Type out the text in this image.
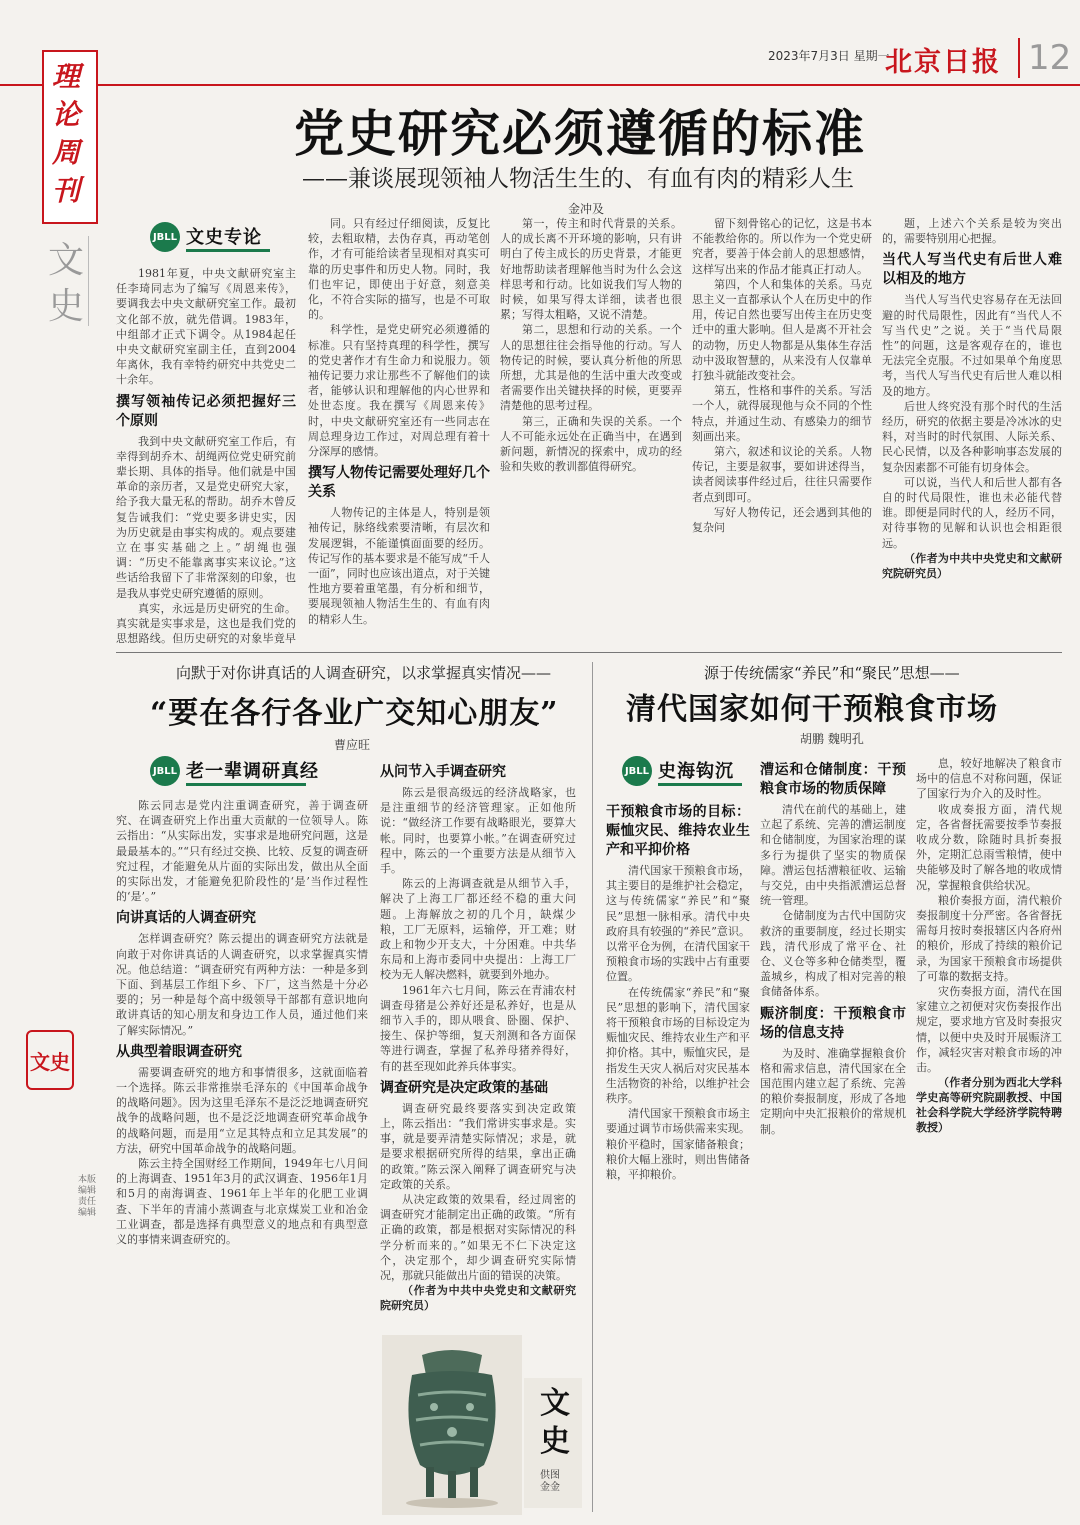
2023年7月3日 星期一
北京日报 12
理论周刊
文史
党史研究必须遵循的标准
——兼谈展现领袖人物活生生的、有血有肉的精彩人生
金冲及
JBLL 文史专论

1981年夏，中央文献研究室主任李琦同志为了编写《周恩来传》，要调我去中央文献研究室工作。最初文化部不放，就先借调。1983年，中组部才正式下调令。从1984起任中央文献研究室副主任，直到2004年离休，我有幸特约研究中共党史二十余年。

撰写领袖传记必须把握好三个原则

我到中央文献研究室工作后，有幸得到胡乔木、胡绳两位党史研究前辈长期、具体的指导。他们就是中国革命的亲历者，又是党史研究大家，给予我大量无私的帮助。胡乔木曾反复告诫我们：“党史要多讲史实，因为历史就是由事实构成的。观点要建立在事实基础之上。”胡绳也强调：“历史不能靠离事实来议论。”这些话给我留下了非常深刻的印象，也是我从事党史研究遵循的原则。

真实，永远是历史研究的生命。真实就是实事求是，这也是我们党的思想路线。但历史研究的对象毕竟早

同。只有经过仔细阅读，反复比较，去粗取精，去伪存真，再动笔创作，才有可能给读者呈现相对真实可靠的历史事件和历史人物。同时，我们也牢记，即使出于好意，刻意美化，不符合实际的描写，也是不可取的。

科学性，是党史研究必须遵循的标准。只有坚持真理的科学性，撰写的党史著作才有生命力和说服力。领袖传记要力求让那些不了解他们的读者，能够认识和理解他的内心世界和处世态度。我在撰写《周恩来传》时，中央文献研究室还有一些同志在周总理身边工作过，对周总理有着十分深厚的感情。

撰写人物传记需要处理好几个关系

人物传记的主体是人，特别是领袖传记，脉络线索要清晰，有层次和发展逻辑，不能谨慎面面要的经历。传记写作的基本要求是不能写成“千人一面”，同时也应该出道点，对于关键性地方要着重笔墨，有分析和细节，要展现领袖人物活生生的、有血有肉的精彩人生。

第一，传主和时代背景的关系。人的成长离不开环境的影响，只有讲明白了传主成长的历史背景，才能更好地帮助读者理解他当时为什么会这样思考和行动。比如说我们写人物的时候，如果写得太详细，读者也很累；写得太粗略，又说不清楚。

第二，思想和行动的关系。一个人的思想往往会指导他的行动。写人物传记的时候，要认真分析他的所思所想，尤其是他的生活中重大改变或者需要作出关键抉择的时候，更要弄清楚他的思考过程。

第三，正确和失误的关系。一个人不可能永远处在正确当中，在遇到新问题，新情况的探索中，成功的经验和失败的教训都值得研究。

留下刻骨铭心的记忆，这是书本不能教给你的。所以作为一个党史研究者，要善于体会前人的思想感情，这样写出来的作品才能真正打动人。

第四，个人和集体的关系。马克思主义一直都承认个人在历史中的作用，传记自然也要写出传主在历史变迁中的重大影响。但人是离不开社会的动物，历史人物都是从集体生存活动中汲取智慧的，从来没有人仅靠单打独斗就能改变社会。

第五，性格和事件的关系。写活一个人，就得展现他与众不同的个性特点，并通过生动、有感染力的细节刻画出来。

第六，叙述和议论的关系。人物传记，主要是叙事，要如讲述得当，读者阅读事件经过后，往往只需要作者点到即可。

写好人物传记，还会遇到其他的复杂问

题，上述六个关系是较为突出的，需要特别用心把握。

当代人写当代史有后世人难以相及的地方

当代人写当代史容易存在无法回避的时代局限性，因此有“当代人不写当代史”之说。关于“当代局限性”的问题，这是客观存在的，谁也无法完全克服。不过如果单个角度思考，当代人写当代史有后世人难以相及的地方。

后世人终究没有那个时代的生活经历，研究的依据主要是冷冰冰的史料，对当时的时代氛围、人际关系、民心民情，以及各种影响事态发展的复杂因素都不可能有切身体会。

可以说，当代人和后世人都有各自的时代局限性，谁也未必能代替谁。即便是同时代的人，经历不同，对待事物的见解和认识也会相距很远。

（作者为中共中央党史和文献研究院研究员）

向默于对你讲真话的人调查研究，以求掌握真实情况——
“要在各行各业广交知心朋友”
曹应旺
JBLL 老一辈调研真经

陈云同志是党内注重调查研究，善于调查研究、在调查研究上作出重大贡献的一位领导人。陈云指出：“从实际出发，实事求是地研究问题，这是最最基本的。”“只有经过交换、比较、反复的调查研究过程，才能避免从片面的实际出发，做出从全面的实际出发，才能避免犯阶段性的‘是’当作过程性的‘是’。”

向讲真话的人调查研究

怎样调查研究？陈云提出的调查研究方法就是向敢于对你讲真话的人调查研究，以求掌握真实情况。他总结道：“调查研究有两种方法：一种是多到下面、到基层工作组下乡、下厂，这当然是十分必要的；另一种是每个高中级领导干部都有意识地向敢讲真话的知心朋友和身边工作人员，通过他们来了解实际情况。”

从典型着眼调查研究

需要调查研究的地方和事情很多，这就面临着一个选择。陈云非常推崇毛泽东的《中国革命战争的战略问题》。因为这里毛泽东不是泛泛地调查研究战争的战略问题，也不是泛泛地调查研究革命战争的战略问题，而是用“立足其特点和立足其发展”的方法，研究中国革命战争的战略问题。

陈云主持全国财经工作期间，1949年七八月间的上海调查、1951年3月的武汉调查、1956年1月和5月的南海调查、1961年上半年的化肥工业调查、下半年的青浦小蒸调查与北京煤炭工业和冶金工业调查，都是选择有典型意义的地点和有典型意义的事情来调查研究的。

从问节入手调查研究

陈云是很高级远的经济战略家，也是注重细节的经济管理家。正如他所说：“做经济工作要有战略眼光，要算大帐。同时，也要算小帐。”在调查研究过程中，陈云的一个重要方法是从细节入手。

陈云的上海调查就是从细节入手，解决了上海工厂都还经不稳的重大问题。上海解放之初的几个月，缺煤少粮，工厂无原料，运输停，开工难；财政上和物少开支大，十分困难。中共华东局和上海市委同中央提出：上海工厂校为无人解决燃料，就要到外地办。

1961年六七月间，陈云在青浦农村调查母猪是公养好还是私养好，也是从细节入手的，即从喂食、卧圈、保护、接生、保护等细，复天剂测和各方面保等进行调查，掌握了私养母猪养得好，有的甚至现如此养兵体事实。

调查研究是决定政策的基础

调查研究最终要落实到决定政策上，陈云指出：“我们常讲实事求是。实事，就是要弄清楚实际情况；求是，就是要求根据研究所得的结果，拿出正确的政策。”陈云深入阐释了调查研究与决定政策的关系。

从决定政策的效果看，经过周密的调查研究才能制定出正确的政策。“所有正确的政策，都是根据对实际情况的科学分析而来的。”如果无不仁下决定这个，决定那个，却少调查研究实际情况，那就只能做出片面的错误的决策。

（作者为中共中央党史和文献研究院研究员）

文史
本版编辑 责任编辑
文史
供图 金金
源于传统儒家“养民”和“聚民”思想——
清代国家如何干预粮食市场
胡鹏 魏明孔
JBLL 史海钩沉

干预粮食市场的目标：赈恤灾民、维持农业生产和平抑价格

清代国家干预粮食市场，其主要目的是维护社会稳定，这与传统儒家“养民”和“聚民”思想一脉相承。清代中央政府具有较强的“养民”意识。以常平仓为例，在清代国家干预粮食市场的实践中占有重要位置。

在传统儒家“养民”和“聚民”思想的影响下，清代国家将干预粮食市场的目标设定为赈恤灾民、维持农业生产和平抑价格。其中，赈恤灾民，是指发生天灾人祸后对灾民基本生活物资的补给，以维护社会秩序。

清代国家干预粮食市场主要通过调节市场供需来实现。粮价平稳时，国家储备粮食；粮价大幅上涨时，则出售储备粮，平抑粮价。

漕运和仓储制度：干预粮食市场的物质保障

清代在前代的基础上，建立起了系统、完善的漕运制度和仓储制度，为国家治理的谋多行为提供了坚实的物质保障。漕运包括漕粮征收、运输与交兑，由中央指派漕运总督统一管理。

仓储制度为古代中国防灾救济的重要制度，经过长期实践，清代形成了常平仓、社仓、义仓等多种仓储类型，覆盖城乡，构成了相对完善的粮食储备体系。

赈济制度：干预粮食市场的信息支持

为及时、准确掌握粮食价格和需求信息，清代国家在全国范围内建立起了系统、完善的粮价奏报制度，形成了各地定期向中央汇报粮价的常规机制。

息，较好地解决了粮食市场中的信息不对称问题，保证了国家行为介入的及时性。

收成奏报方面，清代规定，各省督抚需要按季节奏报收成分数，除随时具折奏报外，定期汇总雨雪粮情，使中央能够及时了解各地的收成情况，掌握粮食供给状况。

粮价奏报方面，清代粮价奏报制度十分严密。各省督抚需每月按时奏报辖区内各府州的粮价，形成了持续的粮价记录，为国家干预粮食市场提供了可靠的数据支持。

灾伤奏报方面，清代在国家建立之初便对灾伤奏报作出规定，要求地方官及时奏报灾情，以便中央及时开展赈济工作，减轻灾害对粮食市场的冲击。

（作者分别为西北大学科学史高等研究院副教授、中国社会科学院大学经济学院特聘教授）
